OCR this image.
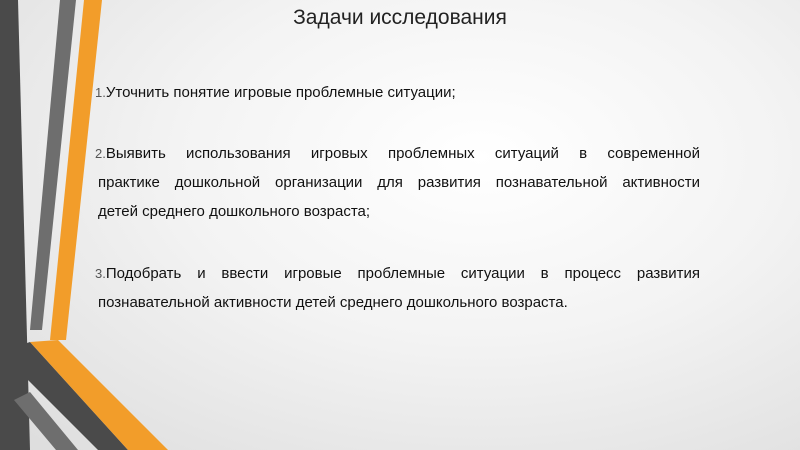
Задачи исследования
1.Уточнить понятие игровые проблемные ситуации;
2.Выявить использования игровых проблемных ситуаций в современной
практике дошкольной организации для развития познавательной активности
детей среднего дошкольного возраста;
3.Подобрать и ввести игровые проблемные ситуации в процесс развития
познавательной активности детей среднего дошкольного возраста.
